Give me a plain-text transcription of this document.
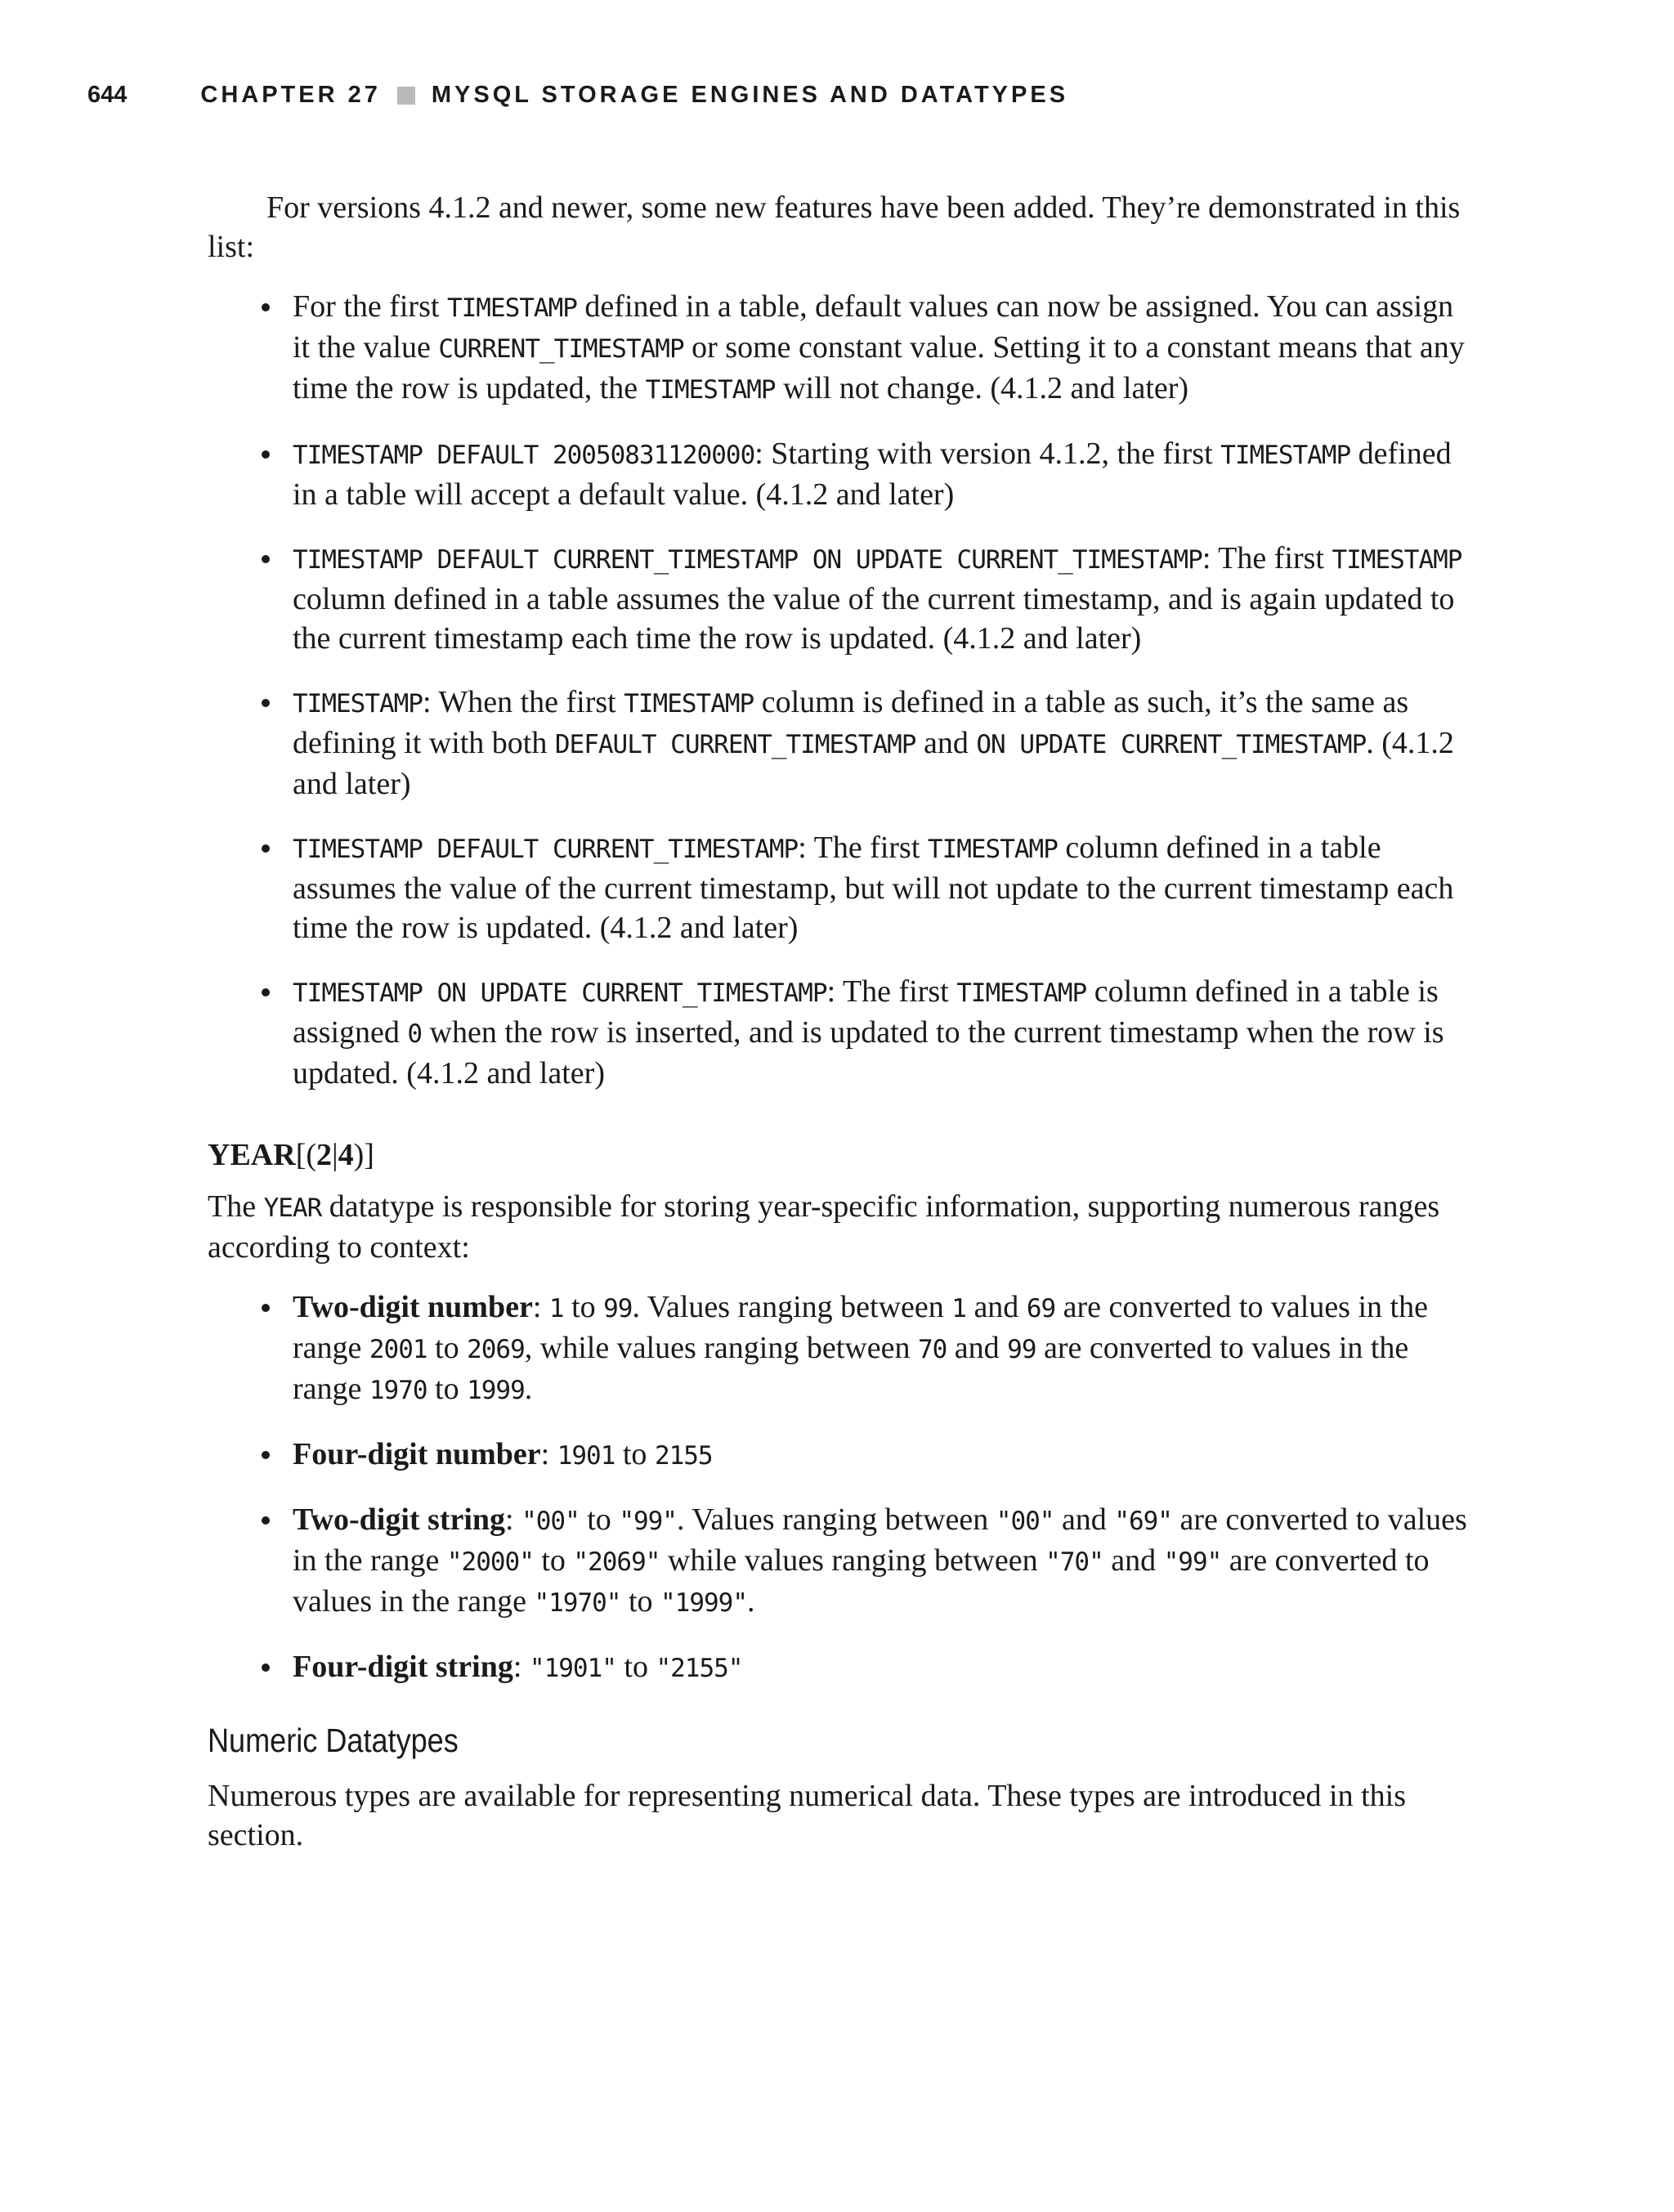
644	CHAPTER 27 MYSQL STORAGE ENGINES AND DATATYPES

For versions 4.1.2 and newer, some new features have been added. They’re demonstrated in this list:

For the first TIMESTAMP defined in a table, default values can now be assigned. You can assign it the value CURRENT_TIMESTAMP or some constant value. Setting it to a constant means that any time the row is updated, the TIMESTAMP will not change. (4.1.2 and later)
TIMESTAMP DEFAULT 20050831120000: Starting with version 4.1.2, the first TIMESTAMP defined in a table will accept a default value. (4.1.2 and later)
TIMESTAMP DEFAULT CURRENT_TIMESTAMP ON UPDATE CURRENT_TIMESTAMP: The first TIMESTAMP column defined in a table assumes the value of the current timestamp, and is again updated to the current timestamp each time the row is updated. (4.1.2 and later)
TIMESTAMP: When the first TIMESTAMP column is defined in a table as such, it’s the same as defining it with both DEFAULT CURRENT_TIMESTAMP and ON UPDATE CURRENT_TIMESTAMP. (4.1.2 and later)
TIMESTAMP DEFAULT CURRENT_TIMESTAMP: The first TIMESTAMP column defined in a table assumes the value of the current timestamp, but will not update to the current timestamp each time the row is updated. (4.1.2 and later)
TIMESTAMP ON UPDATE CURRENT_TIMESTAMP: The first TIMESTAMP column defined in a table is assigned 0 when the row is inserted, and is updated to the current timestamp when the row is updated. (4.1.2 and later)

YEAR[(2|4)]

The YEAR datatype is responsible for storing year-specific information, supporting numerous ranges according to context:

Two-digit number: 1 to 99. Values ranging between 1 and 69 are converted to values in the range 2001 to 2069, while values ranging between 70 and 99 are converted to values in the range 1970 to 1999.
Four-digit number: 1901 to 2155
Two-digit string: "00" to "99". Values ranging between "00" and "69" are converted to values in the range "2000" to "2069" while values ranging between "70" and "99" are converted to values in the range "1970" to "1999".
Four-digit string: "1901" to "2155"

Numeric Datatypes

Numerous types are available for representing numerical data. These types are introduced in this section.
